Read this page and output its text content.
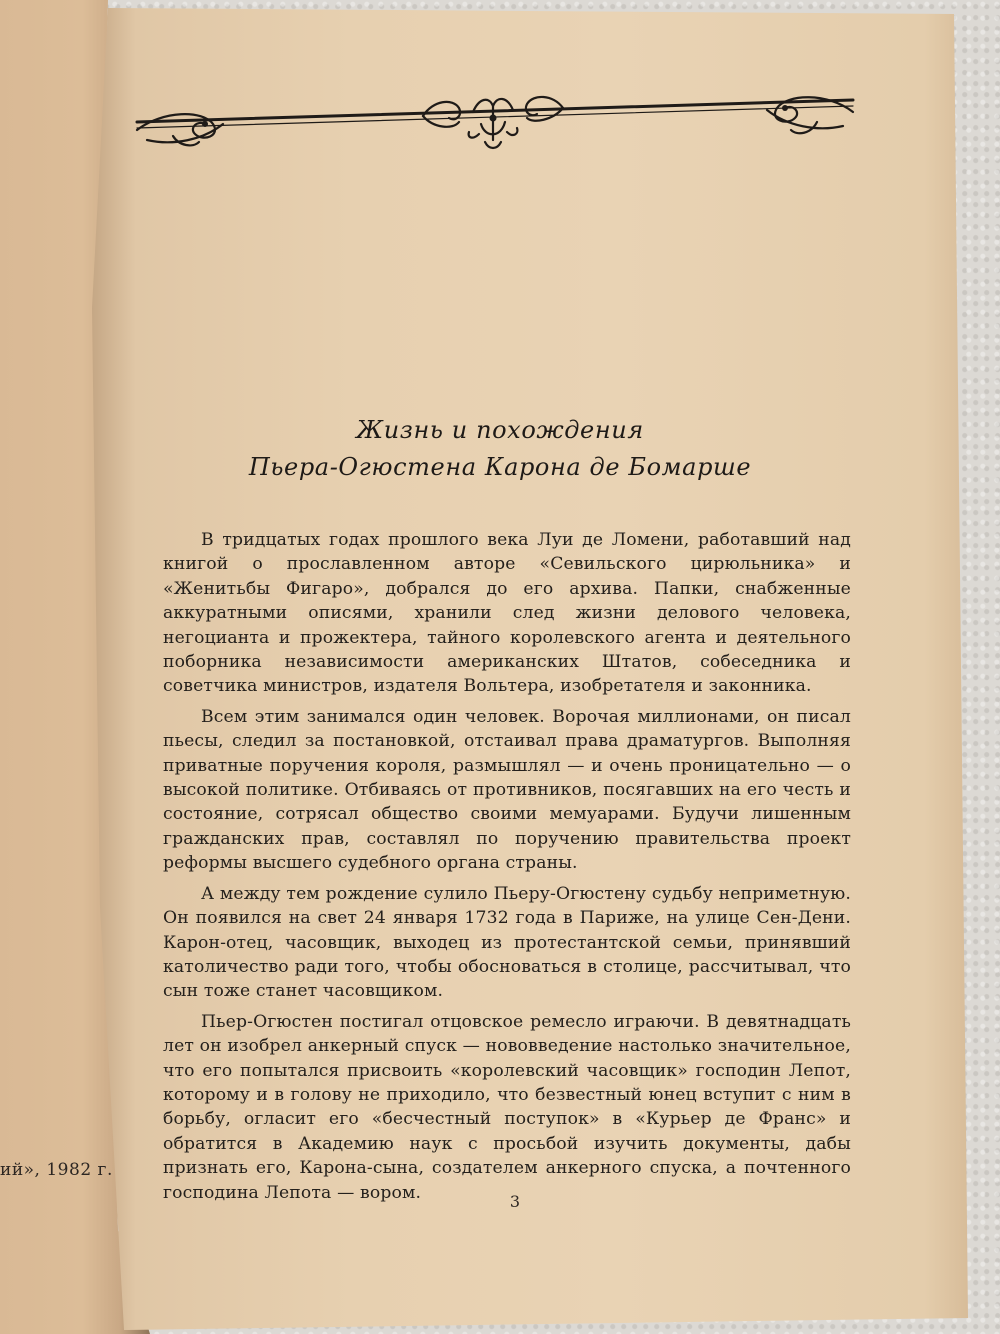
ий», 1982 г.
Жизнь и похождения
Пьера-Огюстена Карона де Бомарше

В тридцатых годах прошлого века Луи де Ломени, работавший над книгой о прославленном авторе «Севильского цирюльника» и «Женитьбы Фигаро», добрался до его архива. Папки, снабженные аккуратными описями, хранили след жизни делового человека, негоцианта и прожектера, тайного королевского агента и деятельного поборника независимости американских Штатов, собеседника и советчика министров, издателя Вольтера, изобретателя и законника.

Всем этим занимался один человек. Ворочая миллионами, он писал пьесы, следил за постановкой, отстаивал права драматургов. Выполняя приватные поручения короля, размышлял — и очень проницательно — о высокой политике. Отбиваясь от противников, посягавших на его честь и состояние, сотрясал общество своими мемуарами. Будучи лишенным гражданских прав, составлял по поручению правительства проект реформы высшего судебного органа страны.

А между тем рождение сулило Пьеру-Огюстену судьбу неприметную. Он появился на свет 24 января 1732 года в Париже, на улице Сен-Дени. Карон-отец, часовщик, выходец из протестантской семьи, принявший католичество ради того, чтобы обосноваться в столице, рассчитывал, что сын тоже станет часовщиком.

Пьер-Огюстен постигал отцовское ремесло играючи. В девятнадцать лет он изобрел анкерный спуск — нововведение настолько значительное, что его попытался присвоить «королевский часовщик» господин Лепот, которому и в голову не приходило, что безвестный юнец вступит с ним в борьбу, огласит его «бесчестный поступок» в «Курьер де Франс» и обратится в Академию наук с просьбой изучить документы, дабы признать его, Карона-сына, создателем анкерного спуска, а почтенного господина Лепота — вором.	3
